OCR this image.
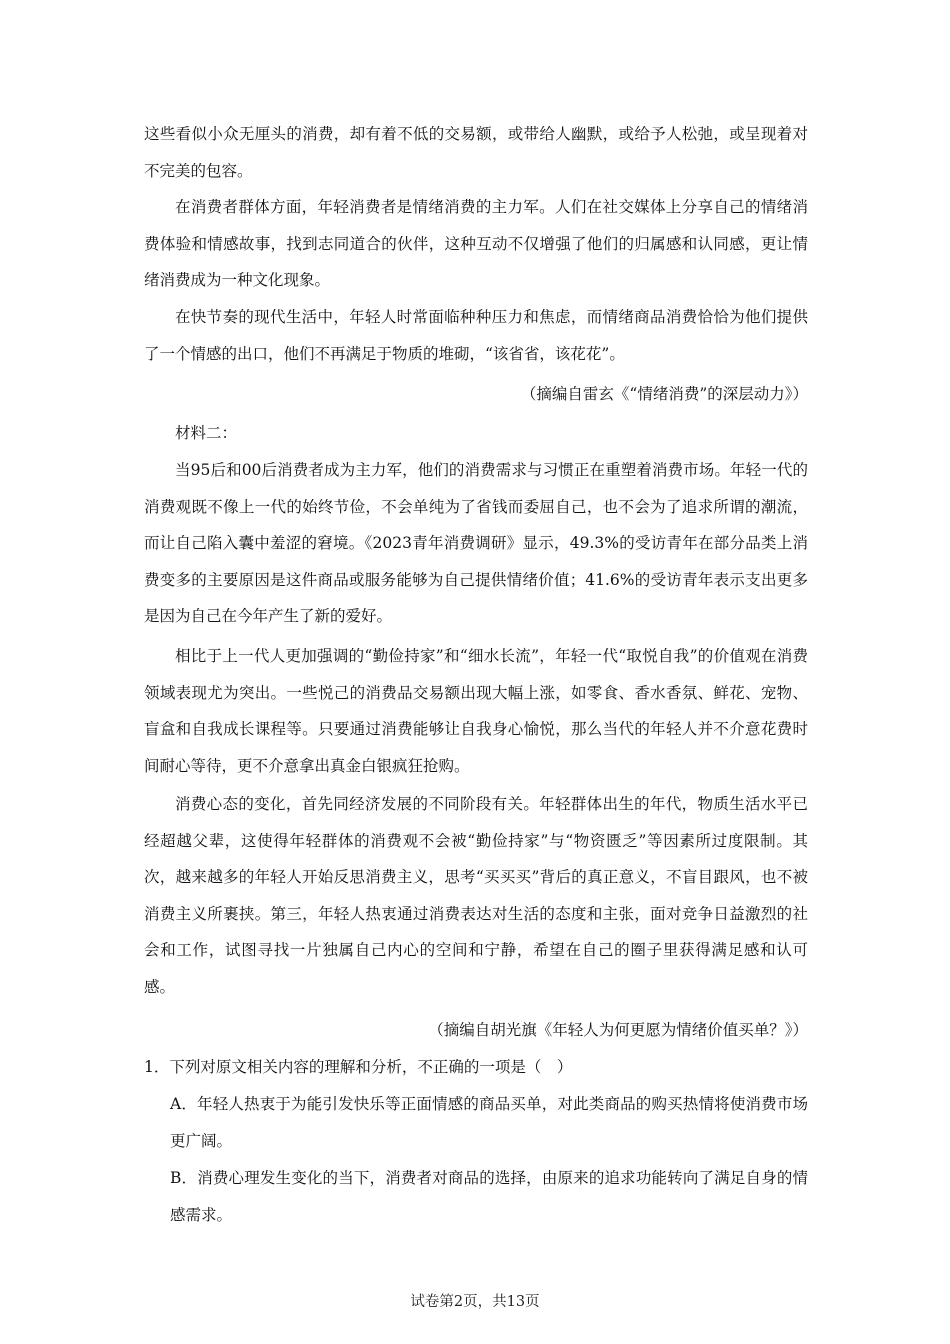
这些看似小众无厘头的消费，却有着不低的交易额，或带给人幽默，或给予人松弛，或呈现着对不完美的包容。

在消费者群体方面，年轻消费者是情绪消费的主力军。人们在社交媒体上分享自己的情绪消费体验和情感故事，找到志同道合的伙伴，这种互动不仅增强了他们的归属感和认同感，更让情绪消费成为一种文化现象。

在快节奏的现代生活中，年轻人时常面临种种压力和焦虑，而情绪商品消费恰恰为他们提供了一个情感的出口，他们不再满足于物质的堆砌，“该省省，该花花”。

（摘编自雷玄《“情绪消费”的深层动力》）

材料二：

当95后和00后消费者成为主力军，他们的消费需求与习惯正在重塑着消费市场。年轻一代的消费观既不像上一代的始终节俭，不会单纯为了省钱而委屈自己，也不会为了追求所谓的潮流，而让自己陷入囊中羞涩的窘境。《2023青年消费调研》显示，49.3%的受访青年在部分品类上消费变多的主要原因是这件商品或服务能够为自己提供情绪价值；41.6%的受访青年表示支出更多是因为自己在今年产生了新的爱好。

相比于上一代人更加强调的“勤俭持家”和“细水长流”，年轻一代“取悦自我”的价值观在消费领域表现尤为突出。一些悦己的消费品交易额出现大幅上涨，如零食、香水香氛、鲜花、宠物、盲盒和自我成长课程等。只要通过消费能够让自我身心愉悦，那么当代的年轻人并不介意花费时间耐心等待，更不介意拿出真金白银疯狂抢购。

消费心态的变化，首先同经济发展的不同阶段有关。年轻群体出生的年代，物质生活水平已经超越父辈，这使得年轻群体的消费观不会被“勤俭持家”与“物资匮乏”等因素所过度限制。其次，越来越多的年轻人开始反思消费主义，思考“买买买”背后的真正意义，不盲目跟风，也不被消费主义所裹挟。第三，年轻人热衷通过消费表达对生活的态度和主张，面对竞争日益激烈的社会和工作，试图寻找一片独属自己内心的空间和宁静，希望在自己的圈子里获得满足感和认可感。

（摘编自胡光旗《年轻人为何更愿为情绪价值买单？》）

1．下列对原文相关内容的理解和分析，不正确的一项是（　）

A．年轻人热衷于为能引发快乐等正面情感的商品买单，对此类商品的购买热情将使消费市场更广阔。

B．消费心理发生变化的当下，消费者对商品的选择，由原来的追求功能转向了满足自身的情感需求。

试卷第2页，共13页
